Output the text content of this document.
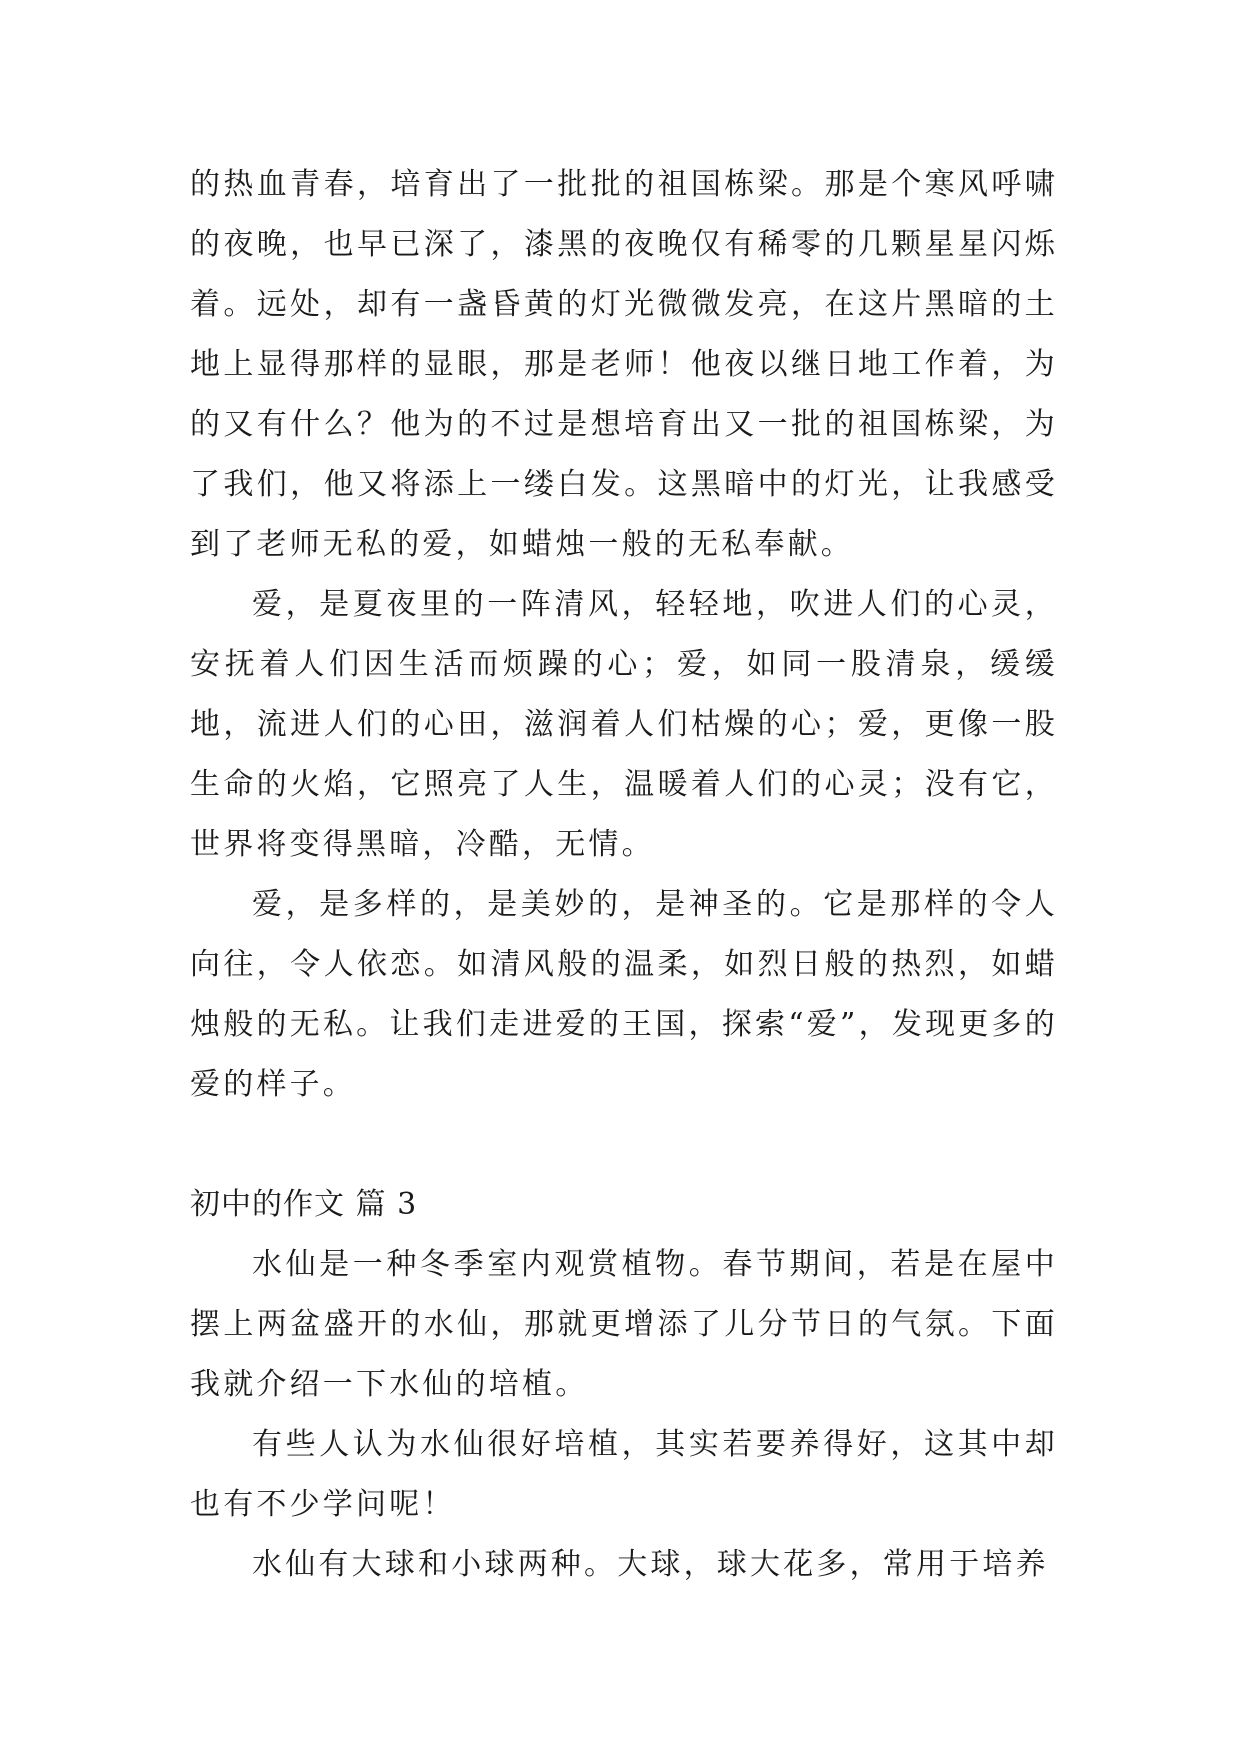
的热血青春，培育出了一批批的祖国栋梁。那是个寒风呼啸的夜晚，也早已深了，漆黑的夜晚仅有稀零的几颗星星闪烁着。远处，却有一盏昏黄的灯光微微发亮，在这片黑暗的土地上显得那样的显眼，那是老师！他夜以继日地工作着，为的又有什么？他为的不过是想培育出又一批的祖国栋梁，为了我们，他又将添上一缕白发。这黑暗中的灯光，让我感受到了老师无私的爱，如蜡烛一般的无私奉献。

爱，是夏夜里的一阵清风，轻轻地，吹进人们的心灵，安抚着人们因生活而烦躁的心；爱，如同一股清泉，缓缓地，流进人们的心田，滋润着人们枯燥的心；爱，更像一股生命的火焰，它照亮了人生，温暖着人们的心灵；没有它，世界将变得黑暗，冷酷，无情。

爱，是多样的，是美妙的，是神圣的。它是那样的令人向往，令人依恋。如清风般的温柔，如烈日般的热烈，如蜡烛般的无私。让我们走进爱的王国，探索“爱”，发现更多的爱的样子。

初中的作文 篇 3

水仙是一种冬季室内观赏植物。春节期间，若是在屋中摆上两盆盛开的水仙，那就更增添了儿分节日的气氛。下面我就介绍一下水仙的培植。

有些人认为水仙很好培植，其实若要养得好，这其中却也有不少学问呢！

水仙有大球和小球两种。大球，球大花多，常用于培养
